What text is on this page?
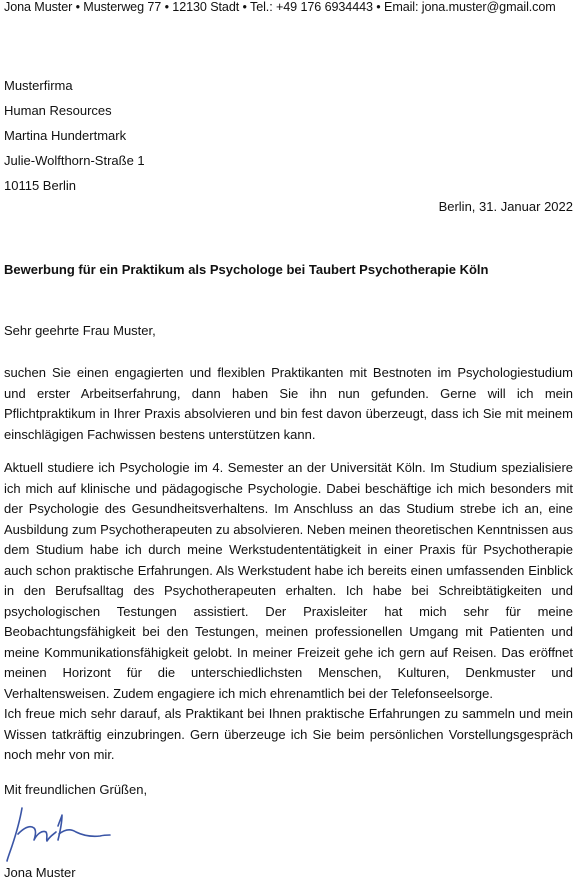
Jona Muster • Musterweg 77 • 12130 Stadt • Tel.: +49 176 6934443 • Email: jona.muster@gmail.com
Musterfirma
Human Resources
Martina Hundertmark
Julie-Wolfthorn-Straße 1
10115 Berlin
Berlin, 31. Januar 2022
Bewerbung für ein Praktikum als Psychologe bei Taubert Psychotherapie Köln
Sehr geehrte Frau Muster,

suchen Sie einen engagierten und flexiblen Praktikanten mit Bestnoten im Psychologiestudium und erster Arbeitserfahrung, dann haben Sie ihn nun gefunden. Gerne will ich mein Pflichtpraktikum in Ihrer Praxis absolvieren und bin fest davon überzeugt, dass ich Sie mit meinem einschlägigen Fachwissen bestens unterstützen kann.

Aktuell studiere ich Psychologie im 4. Semester an der Universität Köln. Im Studium spezialisiere ich mich auf klinische und pädagogische Psychologie. Dabei beschäftige ich mich besonders mit der Psychologie des Gesundheitsverhaltens. Im Anschluss an das Studium strebe ich an, eine Ausbildung zum Psychotherapeuten zu absolvieren. Neben meinen theoretischen Kenntnissen aus dem Studium habe ich durch meine Werkstudententätigkeit in einer Praxis für Psychotherapie auch schon praktische Erfahrungen. Als Werkstudent habe ich bereits einen umfassenden Einblick in den Berufsalltag des Psychotherapeuten erhalten. Ich habe bei Schreibtätigkeiten und psychologischen Testungen assistiert. Der Praxisleiter hat mich sehr für meine Beobachtungsfähigkeit bei den Testungen, meinen professionellen Umgang mit Patienten und meine Kommunikationsfähigkeit gelobt. In meiner Freizeit gehe ich gern auf Reisen. Das eröffnet meinen Horizont für die unterschiedlichsten Menschen, Kulturen, Denkmuster und Verhaltensweisen. Zudem engagiere ich mich ehrenamtlich bei der Telefonseelsorge.

Ich freue mich sehr darauf, als Praktikant bei Ihnen praktische Erfahrungen zu sammeln und mein Wissen tatkräftig einzubringen. Gern überzeuge ich Sie beim persönlichen Vorstellungsgespräch noch mehr von mir.

Mit freundlichen Grüßen,
Jona Muster
